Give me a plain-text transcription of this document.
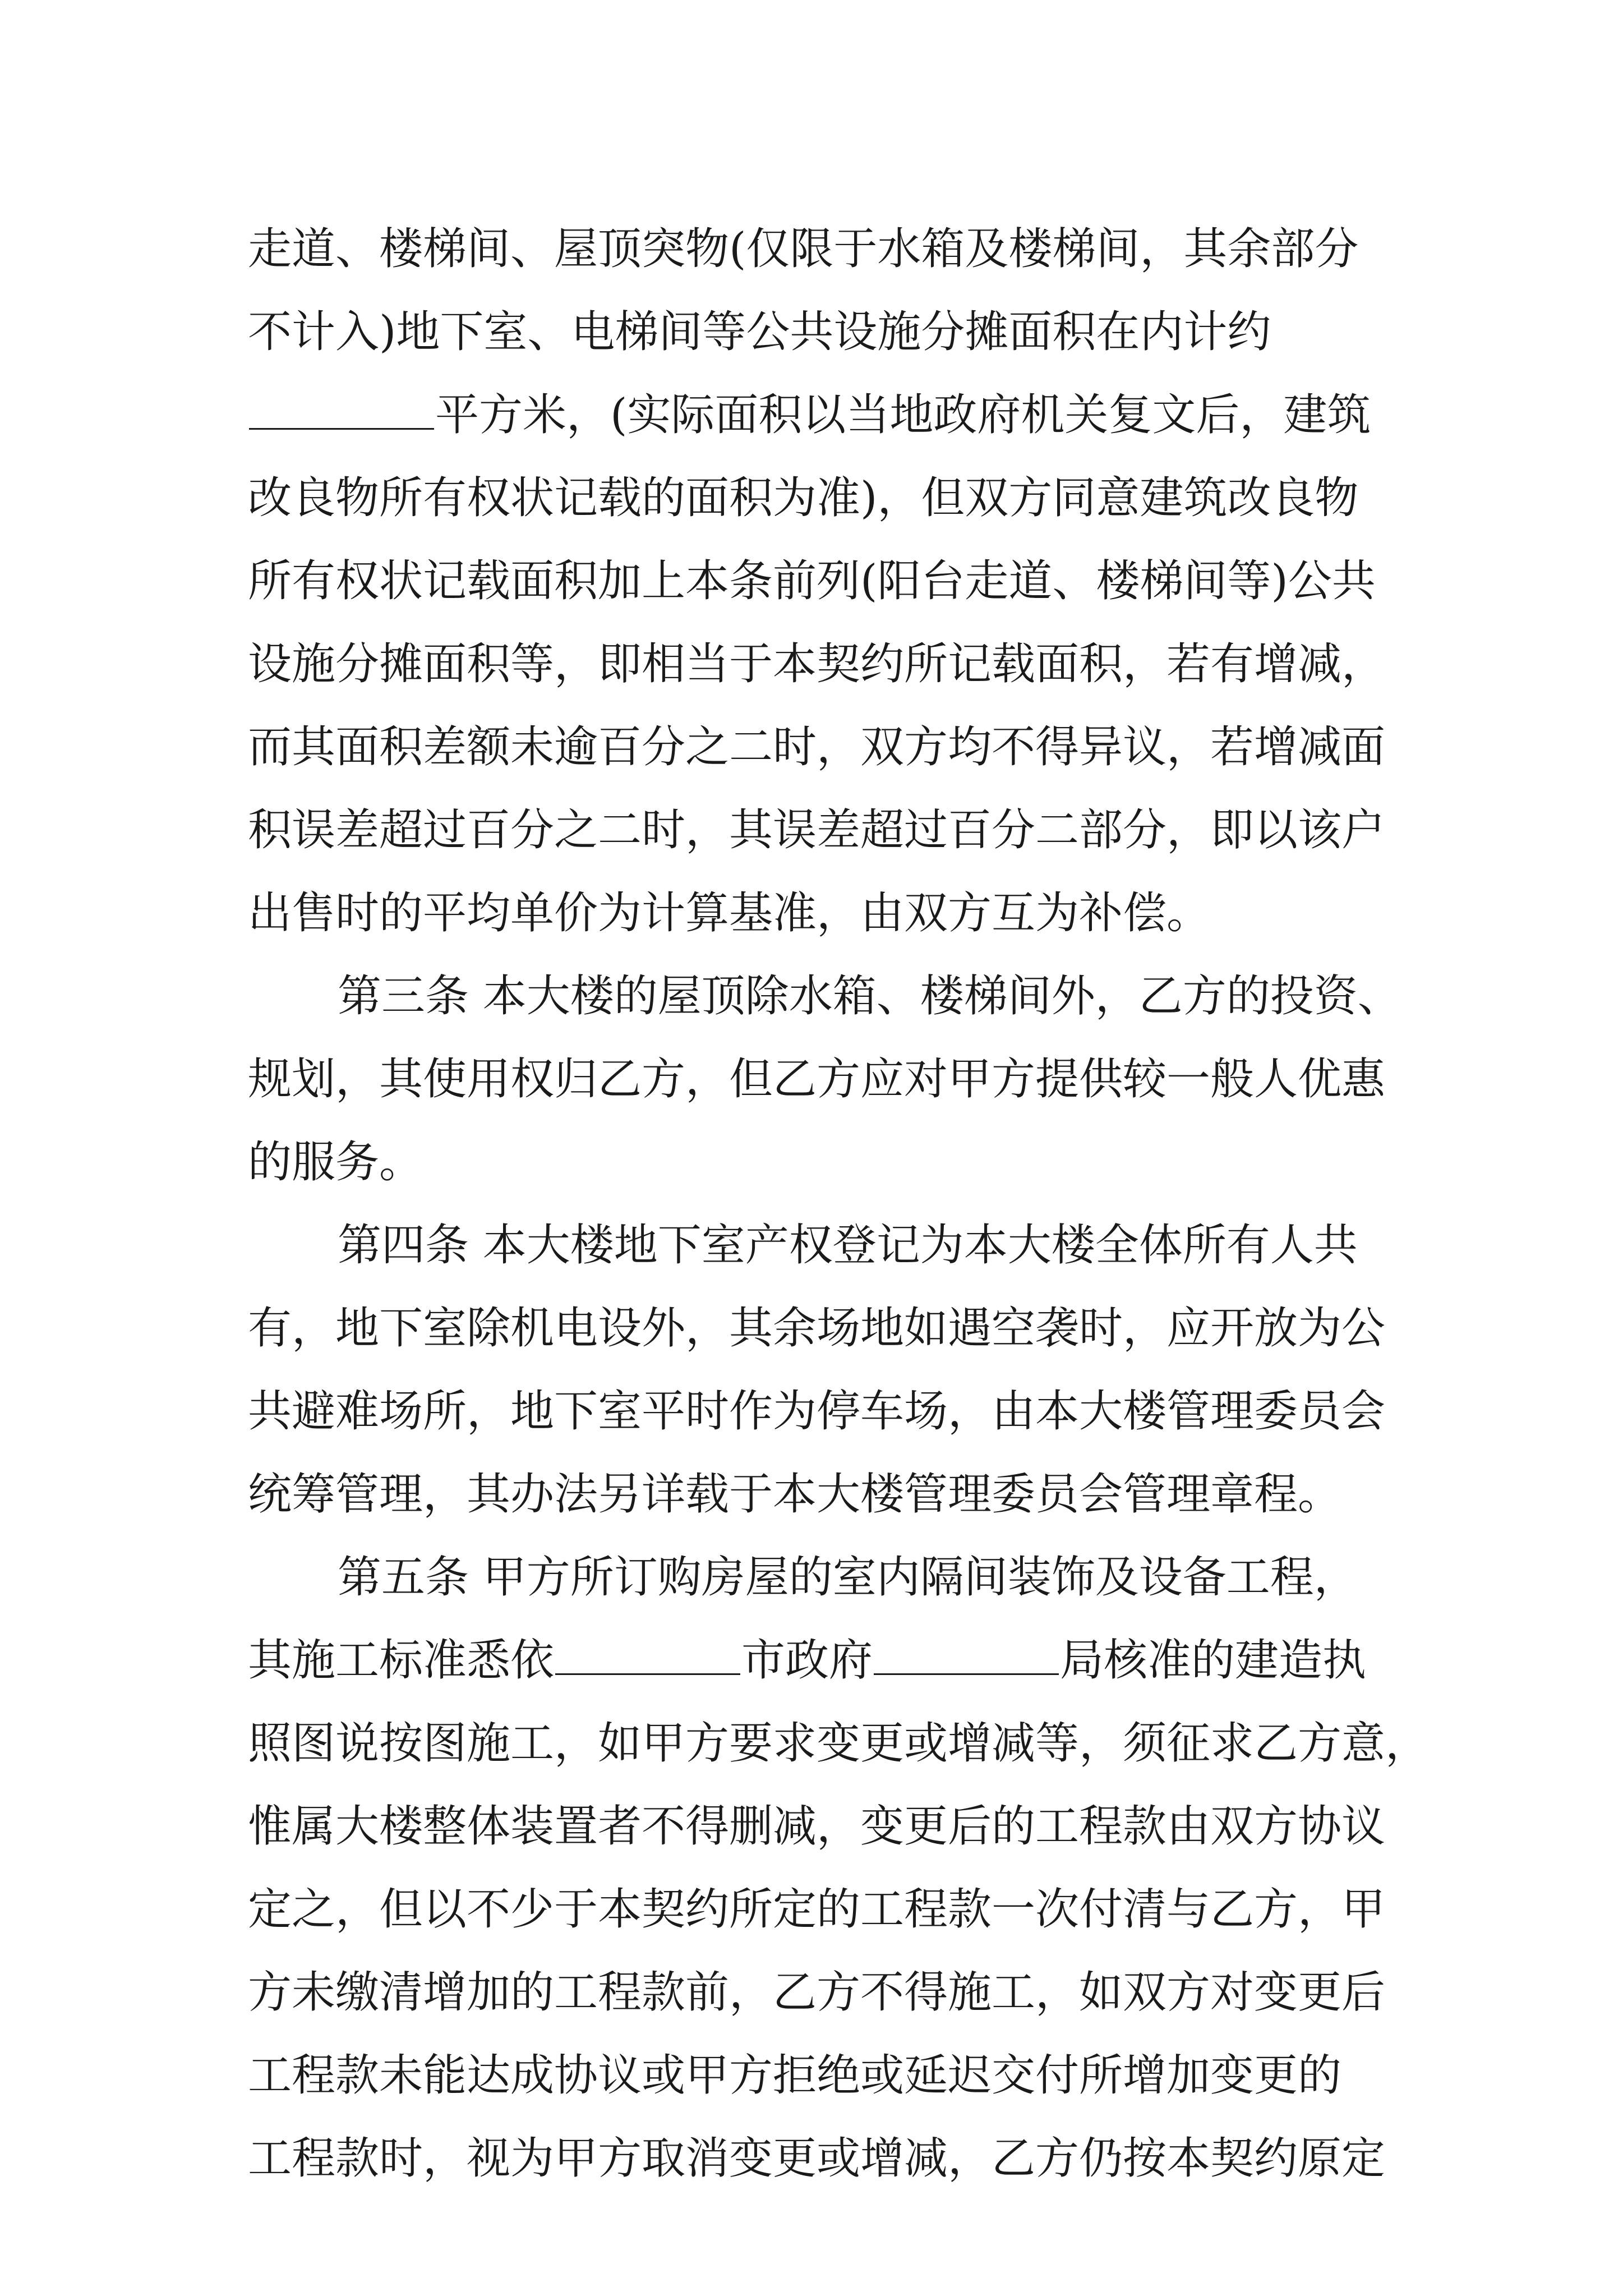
走道、楼梯间、屋顶突物(仅限于水箱及楼梯间，其余部分
不计入)地下室、电梯间等公共设施分摊面积在内计约
平方米，(实际面积以当地政府机关复文后，建筑
改良物所有权状记载的面积为准)，但双方同意建筑改良物
所有权状记载面积加上本条前列(阳台走道、楼梯间等)公共
设施分摊面积等，即相当于本契约所记载面积，若有增减，
而其面积差额未逾百分之二时，双方均不得异议，若增减面
积误差超过百分之二时，其误差超过百分二部分，即以该户
出售时的平均单价为计算基准，由双方互为补偿。
第三条 本大楼的屋顶除水箱、楼梯间外，乙方的投资、
规划，其使用权归乙方，但乙方应对甲方提供较一般人优惠
的服务。
第四条 本大楼地下室产权登记为本大楼全体所有人共
有，地下室除机电设外，其余场地如遇空袭时，应开放为公
共避难场所，地下室平时作为停车场，由本大楼管理委员会
统筹管理，其办法另详载于本大楼管理委员会管理章程。
第五条 甲方所订购房屋的室内隔间装饰及设备工程，
其施工标准悉依	市政府	局核准的建造执
照图说按图施工，如甲方要求变更或增减等，须征求乙方意，
惟属大楼整体装置者不得删减，变更后的工程款由双方协议
定之，但以不少于本契约所定的工程款一次付清与乙方，甲
方未缴清增加的工程款前，乙方不得施工，如双方对变更后
工程款未能达成协议或甲方拒绝或延迟交付所增加变更的
工程款时，视为甲方取消变更或增减，乙方仍按本契约原定
